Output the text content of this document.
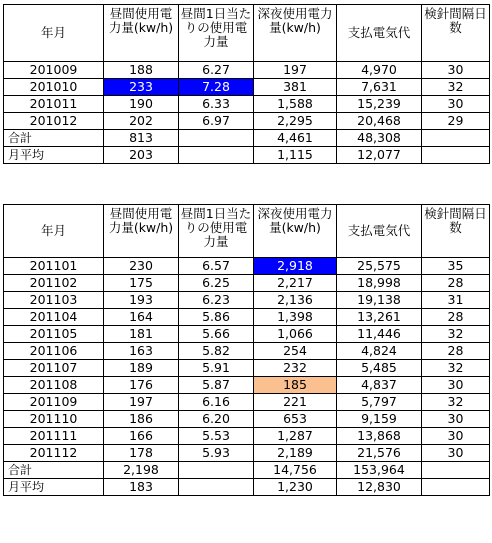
年月	昼間使用電力量(kw/h)	昼間1日当たりの使用電力量	深夜使用電力量(kw/h)	支払電気代	検針間隔日数
201009	188	6.27	197	4,970	30
201010	233	7.28	381	7,631	32
201011	190	6.33	1,588	15,239	30
201012	202	6.97	2,295	20,468	29
合計	813		4,461	48,308	
月平均	203		1,115	12,077	
年月	昼間使用電力量(kw/h)	昼間1日当たりの使用電力量	深夜使用電力量(kw/h)	支払電気代	検針間隔日数
201101	230	6.57	2,918	25,575	35
201102	175	6.25	2,217	18,998	28
201103	193	6.23	2,136	19,138	31
201104	164	5.86	1,398	13,261	28
201105	181	5.66	1,066	11,446	32
201106	163	5.82	254	4,824	28
201107	189	5.91	232	5,485	32
201108	176	5.87	185	4,837	30
201109	197	6.16	221	5,797	32
201110	186	6.20	653	9,159	30
201111	166	5.53	1,287	13,868	30
201112	178	5.93	2,189	21,576	30
合計	2,198		14,756	153,964	
月平均	183		1,230	12,830	
